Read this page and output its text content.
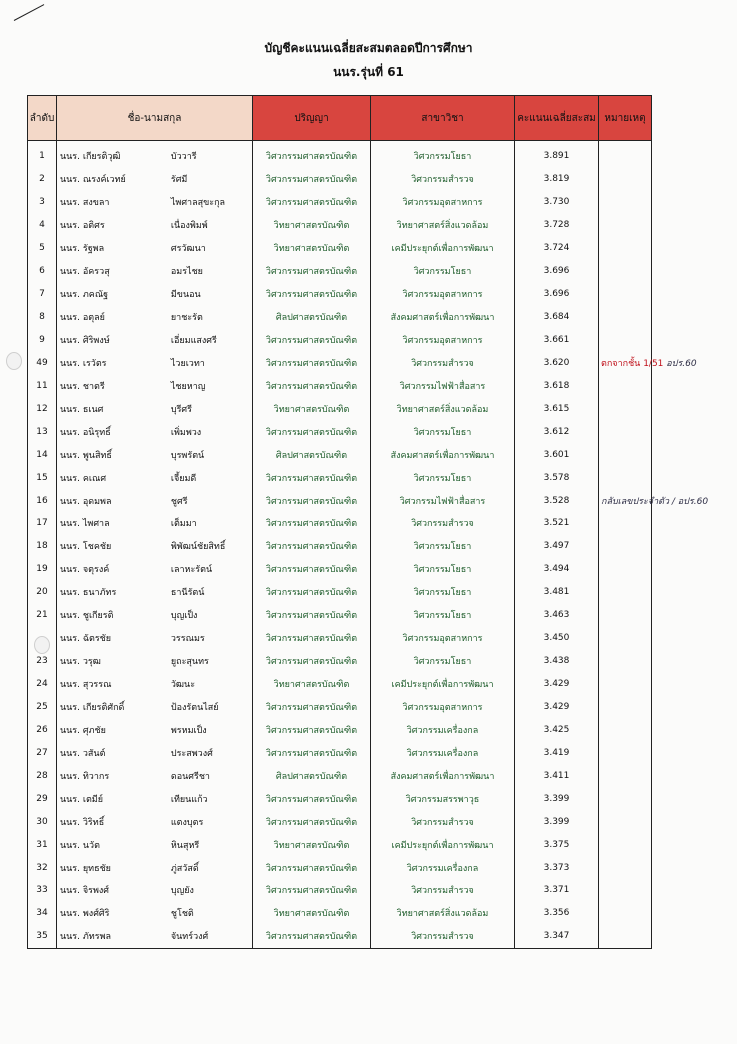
บัญชีคะแนนเฉลี่ยสะสมตลอดปีการศึกษา
นนร.รุ่นที่ 61
ลำดับ	ชื่อ-นามสกุล	ปริญญา	สาขาวิชา	คะแนนเฉลี่ยสะสม	หมายเหตุ
1	นนร. เกียรติวุฒิ บัววารี	วิศวกรรมศาสตรบัณฑิต	วิศวกรรมโยธา	3.891	
2	นนร. ณรงค์เวทย์ รัศมี	วิศวกรรมศาสตรบัณฑิต	วิศวกรรมสำรวจ	3.819	
3	นนร. สงขลา ไพศาลสุขะกุล	วิศวกรรมศาสตรบัณฑิต	วิศวกรรมอุตสาหการ	3.730	
4	นนร. อติศร เนื่องพิมพ์	วิทยาศาสตรบัณฑิต	วิทยาศาสตร์สิ่งแวดล้อม	3.728	
5	นนร. รัฐพล ศรวัฒนา	วิทยาศาสตรบัณฑิต	เคมีประยุกต์เพื่อการพัฒนา	3.724	
6	นนร. อัครวสุ อมรไชย	วิศวกรรมศาสตรบัณฑิต	วิศวกรรมโยธา	3.696	
7	นนร. ภคณัฐ มีขนอน	วิศวกรรมศาสตรบัณฑิต	วิศวกรรมอุตสาหการ	3.696	
8	นนร. อตุลย์ ยาชะรัต	ศิลปศาสตรบัณฑิต	สังคมศาสตร์เพื่อการพัฒนา	3.684	
9	นนร. ศิริพงษ์ เอี่ยมแสงศรี	วิศวกรรมศาสตรบัณฑิต	วิศวกรรมอุตสาหการ	3.661	
49	นนร. เรวัตร ไวยเวทา	วิศวกรรมศาสตรบัณฑิต	วิศวกรรมสำรวจ	3.620	ตกจากชั้น 1/51 อปร.60
11	นนร. ชาตรี ไชยหาญ	วิศวกรรมศาสตรบัณฑิต	วิศวกรรมไฟฟ้าสื่อสาร	3.618	
12	นนร. ธเนศ บุรีศรี	วิทยาศาสตรบัณฑิต	วิทยาศาสตร์สิ่งแวดล้อม	3.615	
13	นนร. อนิรุทธิ์ เพิ่มพวง	วิศวกรรมศาสตรบัณฑิต	วิศวกรรมโยธา	3.612	
14	นนร. พูนสิทธิ์ บุรพรัตน์	ศิลปศาสตรบัณฑิต	สังคมศาสตร์เพื่อการพัฒนา	3.601	
15	นนร. คเณศ เจี้ยมดี	วิศวกรรมศาสตรบัณฑิต	วิศวกรรมโยธา	3.578	
16	นนร. อุดมพล ชูศรี	วิศวกรรมศาสตรบัณฑิต	วิศวกรรมไฟฟ้าสื่อสาร	3.528	กลับเลขประจำตัว / อปร.60
17	นนร. ไพศาล เต็มมา	วิศวกรรมศาสตรบัณฑิต	วิศวกรรมสำรวจ	3.521	
18	นนร. โชคชัย พิพัฒน์ชัยสิทธิ์	วิศวกรรมศาสตรบัณฑิต	วิศวกรรมโยธา	3.497	
19	นนร. จตุรงค์ เลาหะรัตน์	วิศวกรรมศาสตรบัณฑิต	วิศวกรรมโยธา	3.494	
20	นนร. ธนาภัทร ธานีรัตน์	วิศวกรรมศาสตรบัณฑิต	วิศวกรรมโยธา	3.481	
21	นนร. ชูเกียรติ บุญเป็ง	วิศวกรรมศาสตรบัณฑิต	วิศวกรรมโยธา	3.463	
	นนร. ฉัตรชัย วรรณมร	วิศวกรรมศาสตรบัณฑิต	วิศวกรรมอุตสาหการ	3.450	
23	นนร. วรุฒ ยูถะสุนทร	วิศวกรรมศาสตรบัณฑิต	วิศวกรรมโยธา	3.438	
24	นนร. สุวรรณ วัฒนะ	วิทยาศาสตรบัณฑิต	เคมีประยุกต์เพื่อการพัฒนา	3.429	
25	นนร. เกียรติศักดิ์ ป้องรัตนไสย์	วิศวกรรมศาสตรบัณฑิต	วิศวกรรมอุตสาหการ	3.429	
26	นนร. ศุภชัย พรหมเป็ง	วิศวกรรมศาสตรบัณฑิต	วิศวกรรมเครื่องกล	3.425	
27	นนร. วสันต์ ประสพวงศ์	วิศวกรรมศาสตรบัณฑิต	วิศวกรรมเครื่องกล	3.419	
28	นนร. ทิวากร ดอนศรีชา	ศิลปศาสตรบัณฑิต	สังคมศาสตร์เพื่อการพัฒนา	3.411	
29	นนร. เตมีย์ เทียนแก้ว	วิศวกรรมศาสตรบัณฑิต	วิศวกรรมสรรพาวุธ	3.399	
30	นนร. วิริทธิ์ แตงบุตร	วิศวกรรมศาสตรบัณฑิต	วิศวกรรมสำรวจ	3.399	
31	นนร. นวัต หินสุหรี	วิทยาศาสตรบัณฑิต	เคมีประยุกต์เพื่อการพัฒนา	3.375	
32	นนร. ยุทธชัย ภู่สวัสดิ์	วิศวกรรมศาสตรบัณฑิต	วิศวกรรมเครื่องกล	3.373	
33	นนร. จิรพงศ์ บุญยัง	วิศวกรรมศาสตรบัณฑิต	วิศวกรรมสำรวจ	3.371	
34	นนร. พงศ์ศิริ ชูโชติ	วิทยาศาสตรบัณฑิต	วิทยาศาสตร์สิ่งแวดล้อม	3.356	
35	นนร. ภัทรพล จันทร์วงศ์	วิศวกรรมศาสตรบัณฑิต	วิศวกรรมสำรวจ	3.347	
